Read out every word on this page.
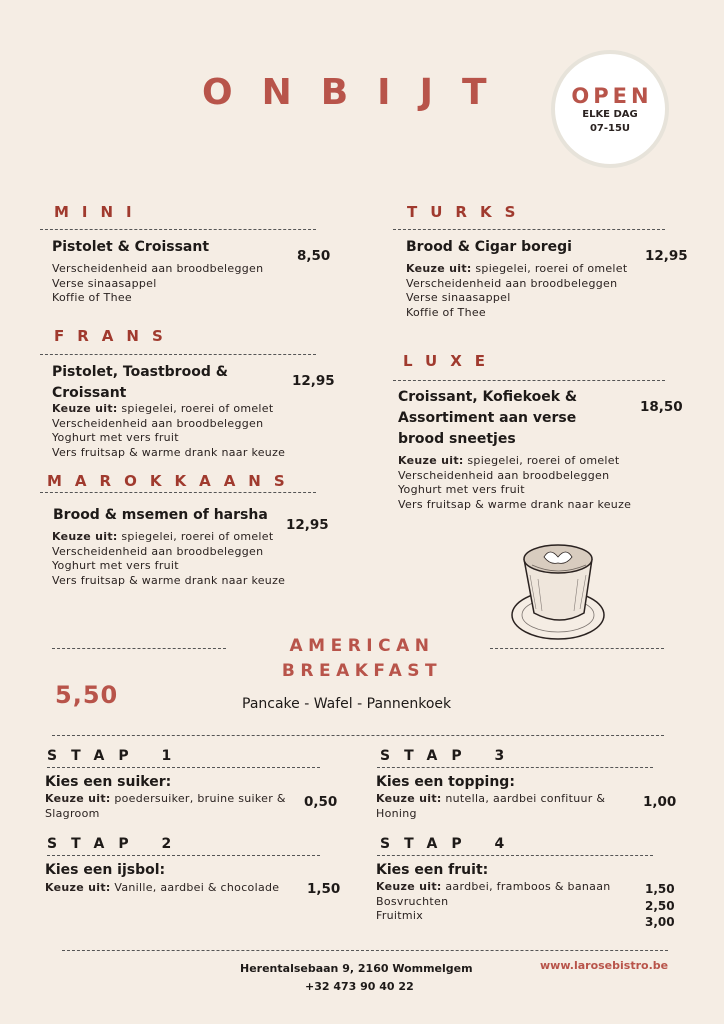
ONBIJT	OPEN
ELKE DAG
07-15U
MINI
Pistolet & Croissant
8,50
Verscheidenheid aan broodbeleggen
Verse sinaasappel
Koffie of Thee
FRANS
Pistolet, Toastbrood &
Croissant
12,95
Keuze uit: spiegelei, roerei of omelet
Verscheidenheid aan broodbeleggen
Yoghurt met vers fruit
Vers fruitsap & warme drank naar keuze
MAROKKAANS
Brood & msemen of harsha
12,95
Keuze uit: spiegelei, roerei of omelet
Verscheidenheid aan broodbeleggen
Yoghurt met vers fruit
Vers fruitsap & warme drank naar keuze
TURKS
Brood & Cigar boregi
12,95
Keuze uit: spiegelei, roerei of omelet
Verscheidenheid aan broodbeleggen
Verse sinaasappel
Koffie of Thee
LUXE
Croissant, Kofiekoek &
Assortiment aan verse
brood sneetjes
18,50
Keuze uit: spiegelei, roerei of omelet
Verscheidenheid aan broodbeleggen
Yoghurt met vers fruit
Vers fruitsap & warme drank naar keuze
AMERICAN
BREAKFAST
5,50	Pancake - Wafel - Pannenkoek
STAP 1
Kies een suiker:
Keuze uit: poedersuiker, bruine suiker &
Slagroom
0,50
STAP 2
Kies een ijsbol:
Keuze uit: Vanille, aardbei & chocolade 1,50
STAP 3
Kies een topping:
Keuze uit: nutella, aardbei confituur &
Honing
1,00
STAP 4
Kies een fruit:
Keuze uit: aardbei, framboos & banaan
Bosvruchten
Fruitmix
1,50
2,50
3,00
Herentalsebaan 9, 2160 Wommelgem
+32 473 90 40 22
www.larosebistro.be
